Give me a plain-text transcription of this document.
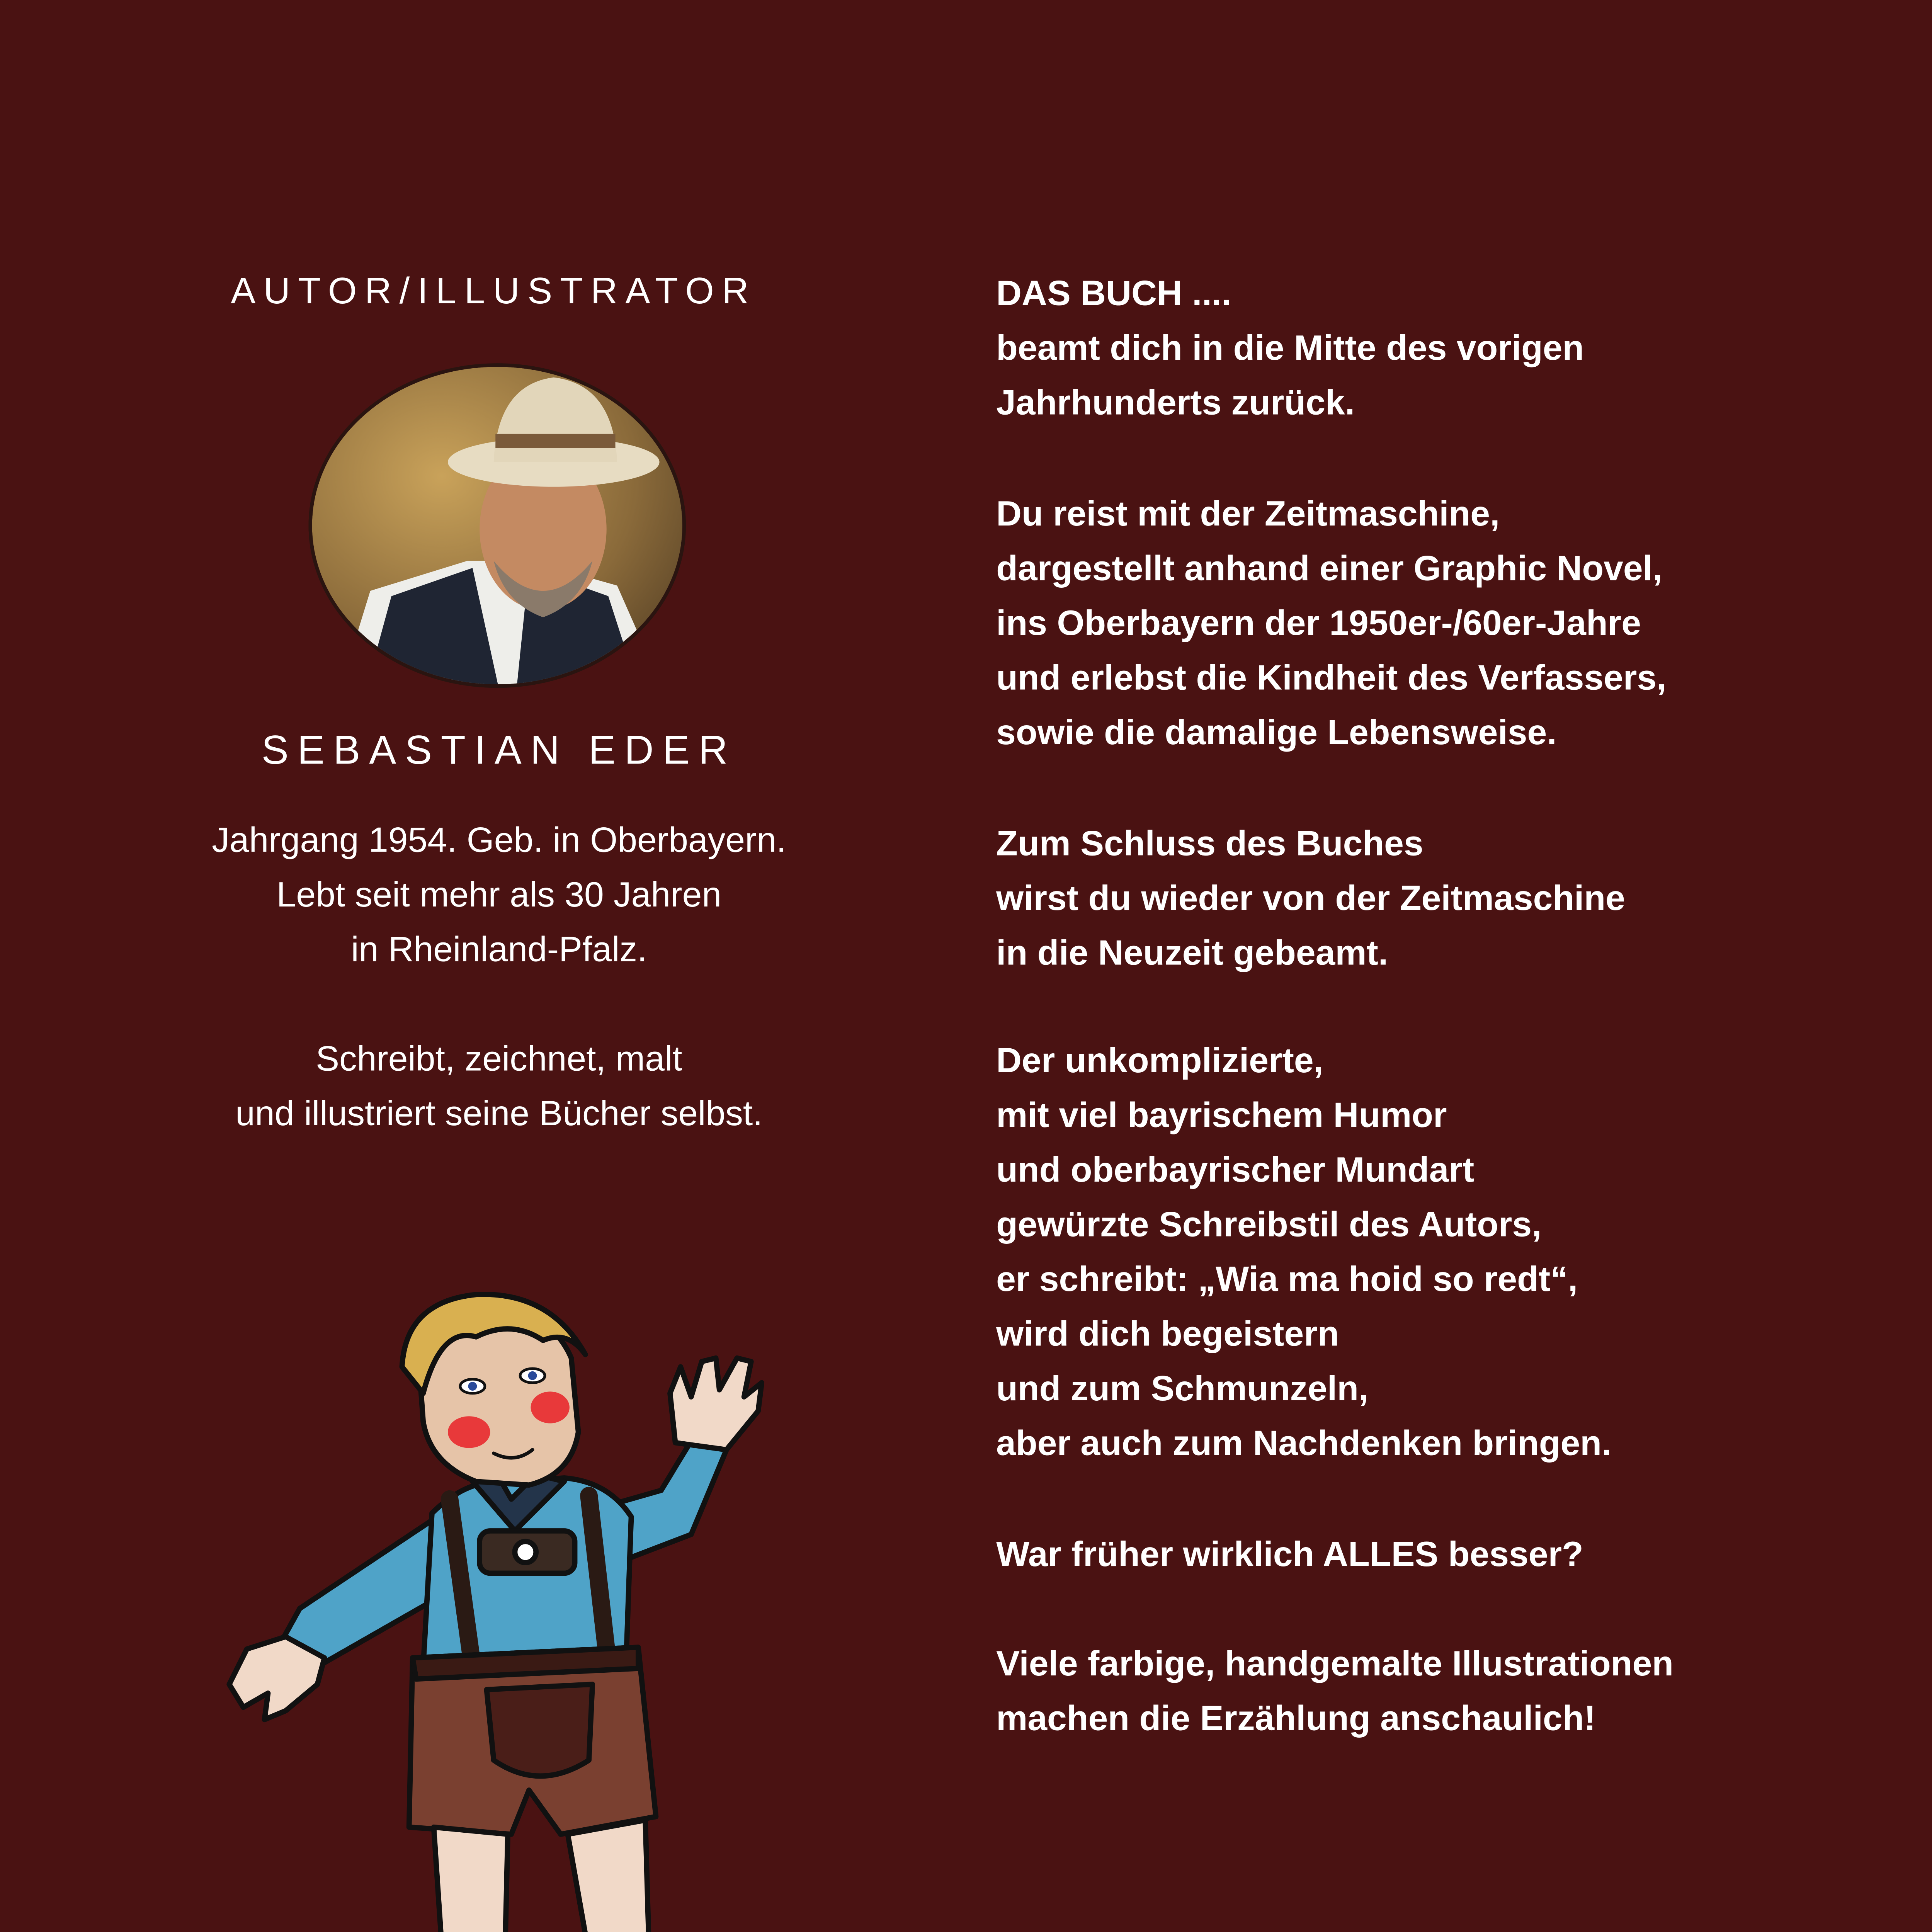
AUTOR/ILLUSTRATOR
SEBASTIAN EDER
Jahrgang 1954. Geb. in Oberbayern.
Lebt seit mehr als 30 Jahren
in Rheinland-Pfalz.
Schreibt, zeichnet, malt
und illustriert seine Bücher selbst.
DAS BUCH ....
beamt dich in die Mitte des vorigen
Jahrhunderts zurück.
Du reist mit der Zeitmaschine,
dargestellt anhand einer Graphic Novel,
ins Oberbayern der 1950er-/60er-Jahre
und erlebst die Kindheit des Verfassers,
sowie die damalige Lebensweise.
Zum Schluss des Buches
wirst du wieder von der Zeitmaschine
in die Neuzeit gebeamt.
Der unkomplizierte,
mit viel bayrischem Humor
und oberbayrischer Mundart
gewürzte Schreibstil des Autors,
er schreibt: „Wia ma hoid so redt“,
wird dich begeistern
und zum Schmunzeln,
aber auch zum Nachdenken bringen.
War früher wirklich ALLES besser?
Viele farbige, handgemalte Illustrationen
machen die Erzählung anschaulich!
